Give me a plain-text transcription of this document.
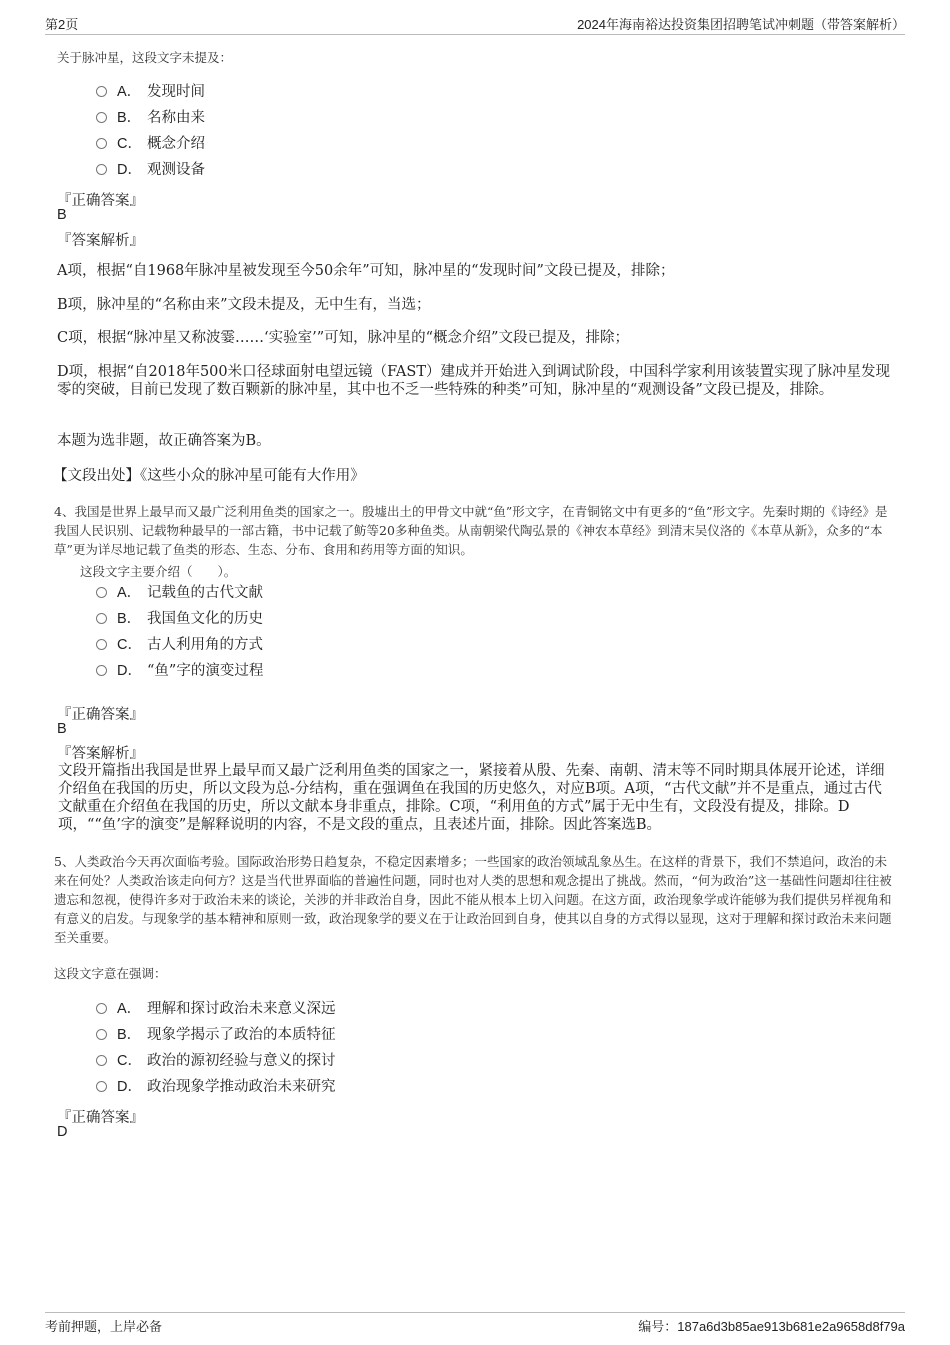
第2页	2024年海南裕达投资集团招聘笔试冲刺题（带答案解析）
关于脉冲星，这段文字未提及：
A． 发现时间
B． 名称由来
C． 概念介绍
D． 观测设备
『正确答案』
B
『答案解析』
A项，根据“自1968年脉冲星被发现至今50余年”可知，脉冲星的“发现时间”文段已提及，排除；
B项，脉冲星的“名称由来”文段未提及，无中生有，当选；
C项，根据“脉冲星又称波霎……‘实验室’”可知，脉冲星的“概念介绍”文段已提及，排除；
D项，根据“自2018年500米口径球面射电望远镜（FAST）建成并开始进入到调试阶段，中国科学家利用该装置实现了脉冲星发现零的突破，目前已发现了数百颗新的脉冲星，其中也不乏一些特殊的种类”可知，脉冲星的“观测设备”文段已提及，排除。
本题为选非题，故正确答案为B。
【文段出处】《这些小众的脉冲星可能有大作用》
4、我国是世界上最早而又最广泛利用鱼类的国家之一。殷墟出土的甲骨文中就“鱼”形文字，在青铜铭文中有更多的“鱼”形文字。先秦时期的《诗经》是我国人民识别、记载物种最早的一部古籍，书中记载了鲂等20多种鱼类。从南朝梁代陶弘景的《神农本草经》到清末吴仪洛的《本草从新》，众多的“本草”更为详尽地记载了鱼类的形态、生态、分布、食用和药用等方面的知识。
这段文字主要介绍（　　）。
A． 记载鱼的古代文献
B． 我国鱼文化的历史
C． 古人利用角的方式
D． “鱼”字的演变过程
『正确答案』
B
『答案解析』
文段开篇指出我国是世界上最早而又最广泛利用鱼类的国家之一，紧接着从殷、先秦、南朝、清末等不同时期具体展开论述，详细介绍鱼在我国的历史，所以文段为总-分结构，重在强调鱼在我国的历史悠久，对应B项。A项，“古代文献”并不是重点，通过古代文献重在介绍鱼在我国的历史，所以文献本身非重点，排除。C项，“利用鱼的方式”属于无中生有，文段没有提及，排除。D项，““鱼’字的演变”是解释说明的内容，不是文段的重点，且表述片面，排除。因此答案选B。
5、人类政治今天再次面临考验。国际政治形势日趋复杂，不稳定因素增多；一些国家的政治领域乱象丛生。在这样的背景下，我们不禁追问，政治的未来在何处？人类政治该走向何方？这是当代世界面临的普遍性问题，同时也对人类的思想和观念提出了挑战。然而，“何为政治”这一基础性问题却往往被遗忘和忽视，使得许多对于政治未来的谈论，关涉的并非政治自身，因此不能从根本上切入问题。在这方面，政治现象学或许能够为我们提供另样视角和有意义的启发。与现象学的基本精神和原则一致，政治现象学的要义在于让政治回到自身，使其以自身的方式得以显现，这对于理解和探讨政治未来问题至关重要。
这段文字意在强调：
A． 理解和探讨政治未来意义深远
B． 现象学揭示了政治的本质特征
C． 政治的源初经验与意义的探讨
D． 政治现象学推动政治未来研究
『正确答案』
D
考前押题，上岸必备	编号：187a6d3b85ae913b681e2a9658d8f79a
